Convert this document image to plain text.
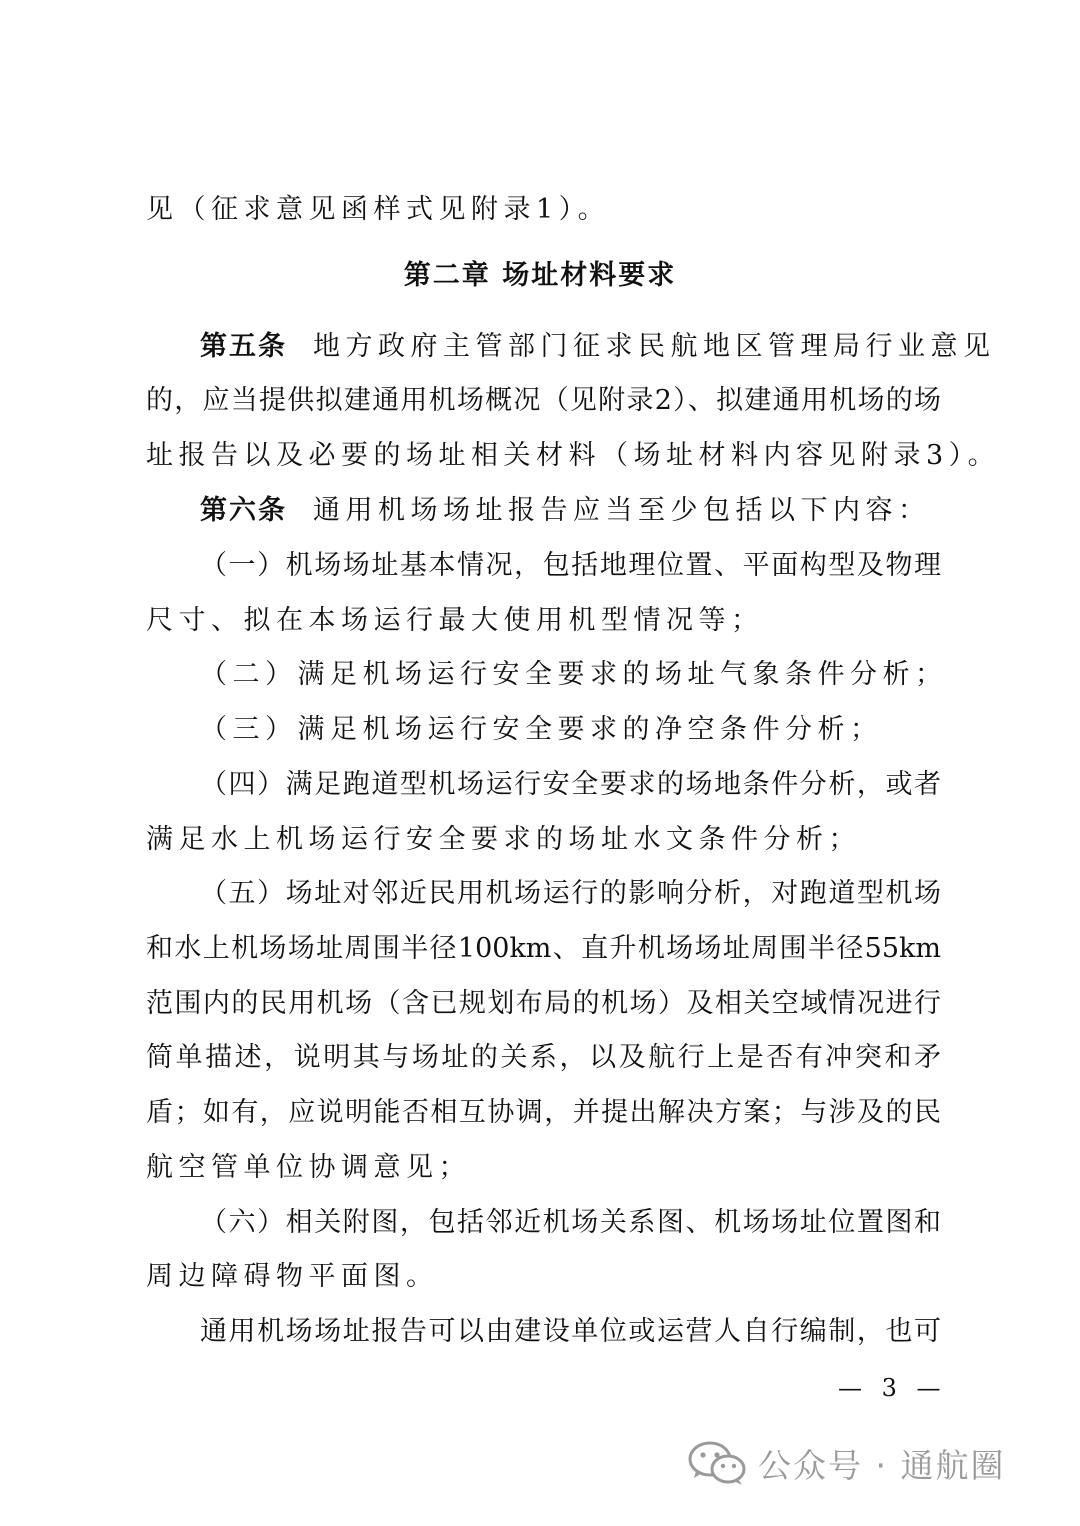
见（征求意见函样式见附录1）。
第二章 场址材料要求
第五条 地方政府主管部门征求民航地区管理局行业意见
的，应当提供拟建通用机场概况（见附录2）、拟建通用机场的场
址报告以及必要的场址相关材料（场址材料内容见附录3）。
第六条 通用机场场址报告应当至少包括以下内容：
（一）机场场址基本情况，包括地理位置、平面构型及物理
尺寸、拟在本场运行最大使用机型情况等；
（二）满足机场运行安全要求的场址气象条件分析；
（三）满足机场运行安全要求的净空条件分析；
（四）满足跑道型机场运行安全要求的场地条件分析，或者
满足水上机场运行安全要求的场址水文条件分析；
（五）场址对邻近民用机场运行的影响分析，对跑道型机场
和水上机场场址周围半径100km、直升机场场址周围半径55km
范围内的民用机场（含已规划布局的机场）及相关空域情况进行
简单描述，说明其与场址的关系，以及航行上是否有冲突和矛
盾；如有，应说明能否相互协调，并提出解决方案；与涉及的民
航空管单位协调意见；
（六）相关附图，包括邻近机场关系图、机场场址位置图和
周边障碍物平面图。
通用机场场址报告可以由建设单位或运营人自行编制，也可
— 3 —
公众号 · 通航圈
